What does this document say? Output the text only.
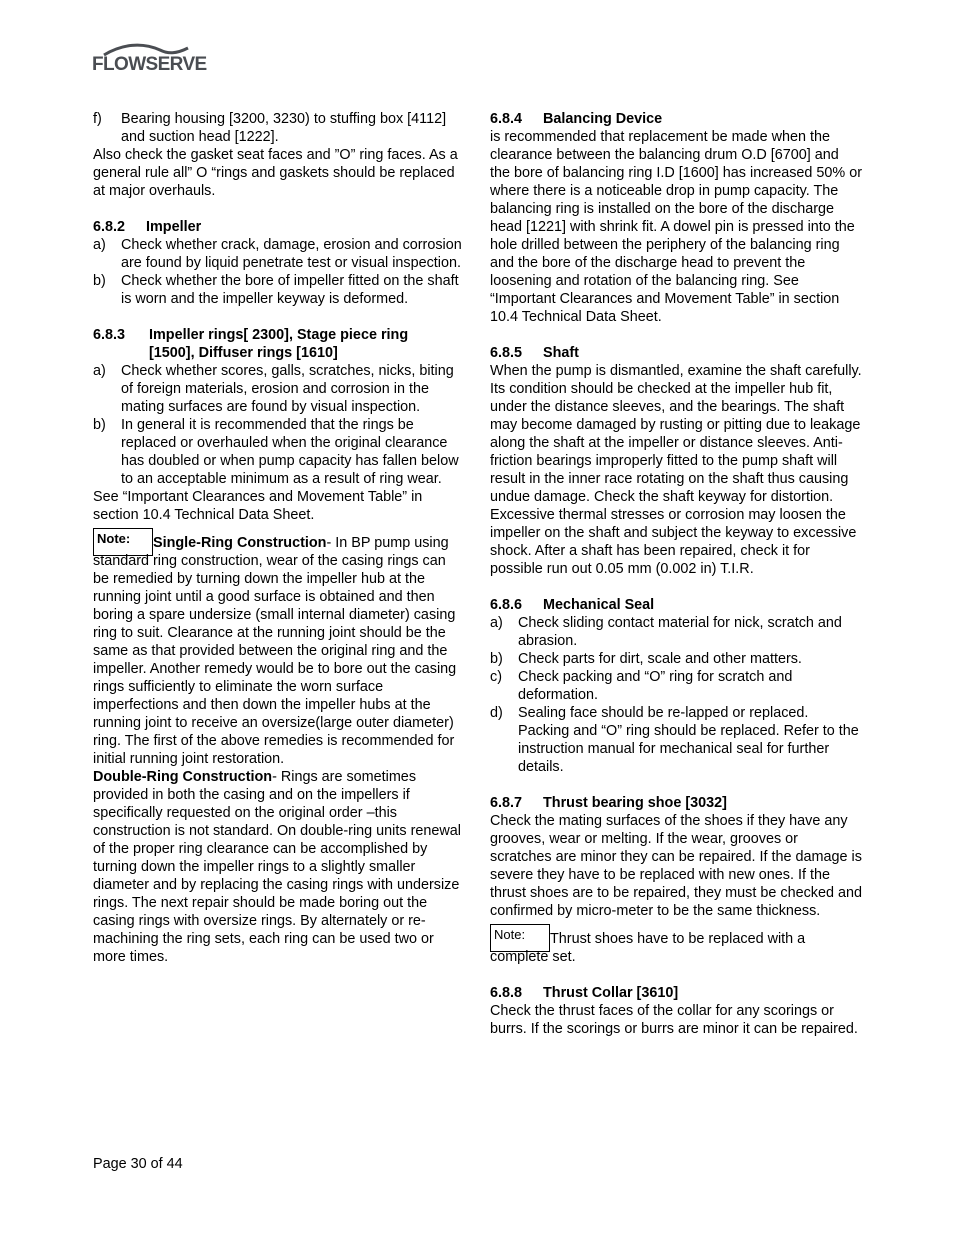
FLOWSERVE
f)	Bearing housing [3200, 3230) to stuffing box [4112] and suction head [1222].

Also check the gasket seat faces and ”O” ring faces. As a general rule all” O “rings and gaskets should be replaced at major overhauls.

6.8.2 Impeller

a)	Check whether crack, damage, erosion and corrosion are found by liquid penetrate test or visual inspection.
b)	Check whether the bore of impeller fitted on the shaft is worn and the impeller keyway is deformed.

6.8.3 Impeller rings[ 2300], Stage piece ring

[1500], Diffuser rings [1610]

a)	Check whether scores, galls, scratches, nicks, biting of foreign materials, erosion and corrosion in the mating surfaces are found by visual inspection.
b)	In general it is recommended that the rings be replaced or overhauled when the original clearance has doubled or when pump capacity has fallen below to an acceptable minimum as a result of ring wear.

See “Important Clearances and Movement Table” in section 10.4 Technical Data Sheet.

Note: Single-Ring Construction- In BP pump using standard ring construction, wear of the casing rings can be remedied by turning down the impeller hub at the running joint until a good surface is obtained and then boring a spare undersize (small internal diameter) casing ring to suit. Clearance at the running joint should be the same as that provided between the original ring and the impeller. Another remedy would be to bore out the casing rings sufficiently to eliminate the worn surface imperfections and then down the impeller hubs at the running joint to receive an oversize(large outer diameter) ring. The first of the above remedies is recommended for initial running joint restoration.

Double-Ring Construction- Rings are sometimes provided in both the casing and on the impellers if specifically requested on the original order –this construction is not standard. On double-ring units renewal of the proper ring clearance can be accomplished by turning down the impeller rings to a slightly smaller diameter and by replacing the casing rings with undersize rings. The next repair should be made boring out the casing rings with oversize rings. By alternately or re-machining the ring sets, each ring can be used two or more times.

6.8.4 Balancing Device

is recommended that replacement be made when the clearance between the balancing drum O.D [6700] and the bore of balancing ring I.D [1600] has increased 50% or where there is a noticeable drop in pump capacity. The balancing ring is installed on the bore of the discharge head [1221] with shrink fit. A dowel pin is pressed into the hole drilled between the periphery of the balancing ring and the bore of the discharge head to prevent the loosening and rotation of the balancing ring. See “Important Clearances and Movement Table” in section 10.4 Technical Data Sheet.

6.8.5 Shaft

When the pump is dismantled, examine the shaft carefully. Its condition should be checked at the impeller hub fit, under the distance sleeves, and the bearings. The shaft may become damaged by rusting or pitting due to leakage along the shaft at the impeller or distance sleeves. Anti-friction bearings improperly fitted to the pump shaft will result in the inner race rotating on the shaft thus causing undue damage. Check the shaft keyway for distortion. Excessive thermal stresses or corrosion may loosen the impeller on the shaft and subject the keyway to excessive shock. After a shaft has been repaired, check it for possible run out 0.05 mm (0.002 in) T.I.R.

6.8.6 Mechanical Seal

a)	Check sliding contact material for nick, scratch and abrasion.
b)	Check parts for dirt, scale and other matters.
c)	Check packing and “O” ring for scratch and deformation.
d)	Sealing face should be re-lapped or replaced. Packing and “O” ring should be replaced. Refer to the instruction manual for mechanical seal for further details.

6.8.7 Thrust bearing shoe [3032]

Check the mating surfaces of the shoes if they have any grooves, wear or melting. If the wear, grooves or scratches are minor they can be repaired. If the damage is severe they have to be replaced with new ones. If the thrust shoes are to be repaired, they must be checked and confirmed by micro-meter to be the same thickness.

Note: Thrust shoes have to be replaced with a complete set.

6.8.8 Thrust Collar [3610]

Check the thrust faces of the collar for any scorings or burrs. If the scorings or burrs are minor it can be repaired.

Page 30 of 44
